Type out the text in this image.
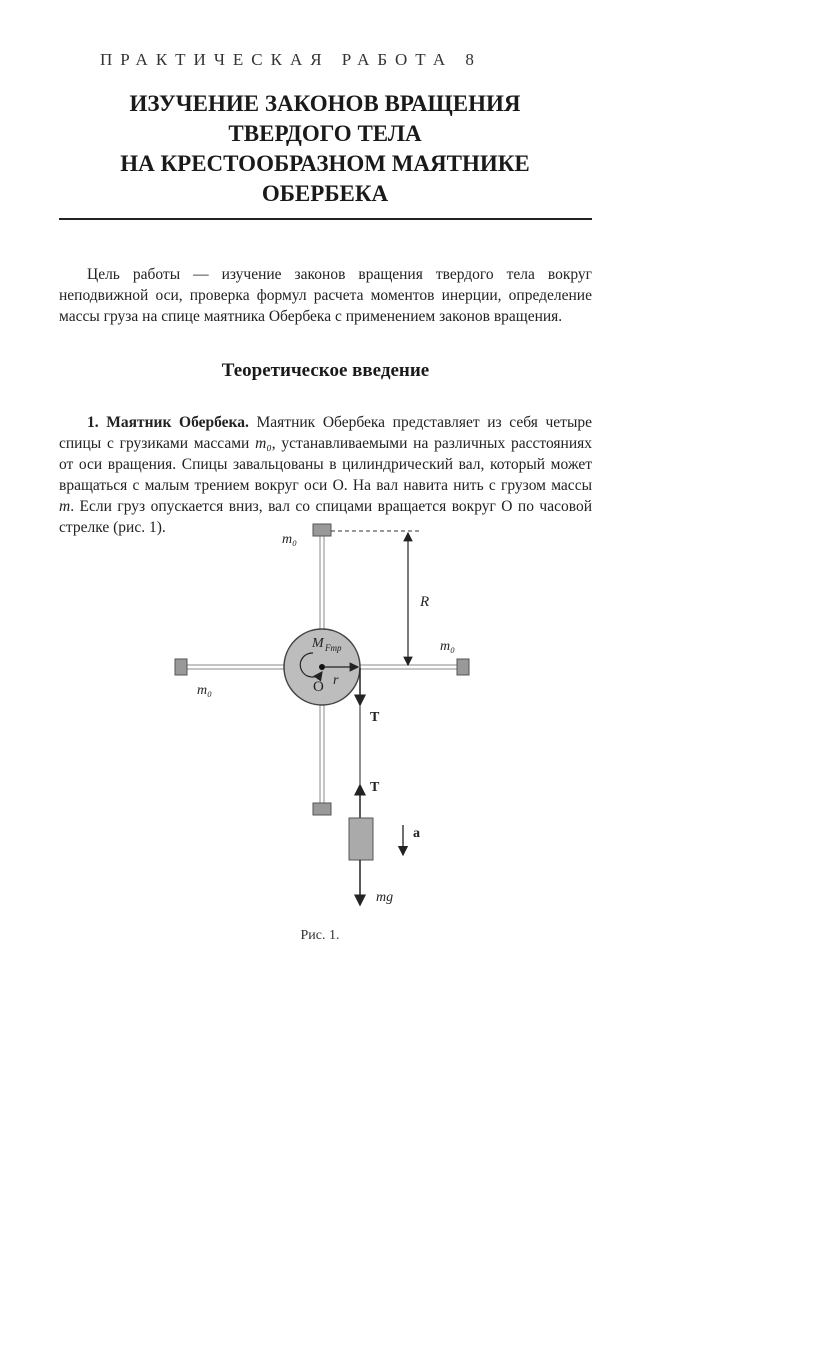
ПРАКТИЧЕСКАЯ РАБОТА 8
ИЗУЧЕНИЕ ЗАКОНОВ ВРАЩЕНИЯ
ТВЕРДОГО ТЕЛА
НА КРЕСТООБРАЗНОМ МАЯТНИКЕ
ОБЕРБЕКА

Цель работы — изучение законов вращения твердого тела вокруг неподвижной оси, проверка формул расчета моментов инерции, определение массы груза на спице маятника Обербека с применением законов вращения.

Теоретическое введение

1. Маятник Обербека. Маятник Обербека представляет из себя четыре спицы с грузиками массами m₀, устанавливаемыми на различных расстояниях от оси вращения. Спицы завальцованы в цилиндрический вал, который может вращаться с малым трением вокруг оси О. На вал навита нить с грузом массы m. Если груз опускается вниз, вал со спицами вращается вокруг О по часовой стрелке (рис. 1).

m₀
m₀
m₀
R
M Fтр
O r
T
T
a
mg
Рис. 1.
